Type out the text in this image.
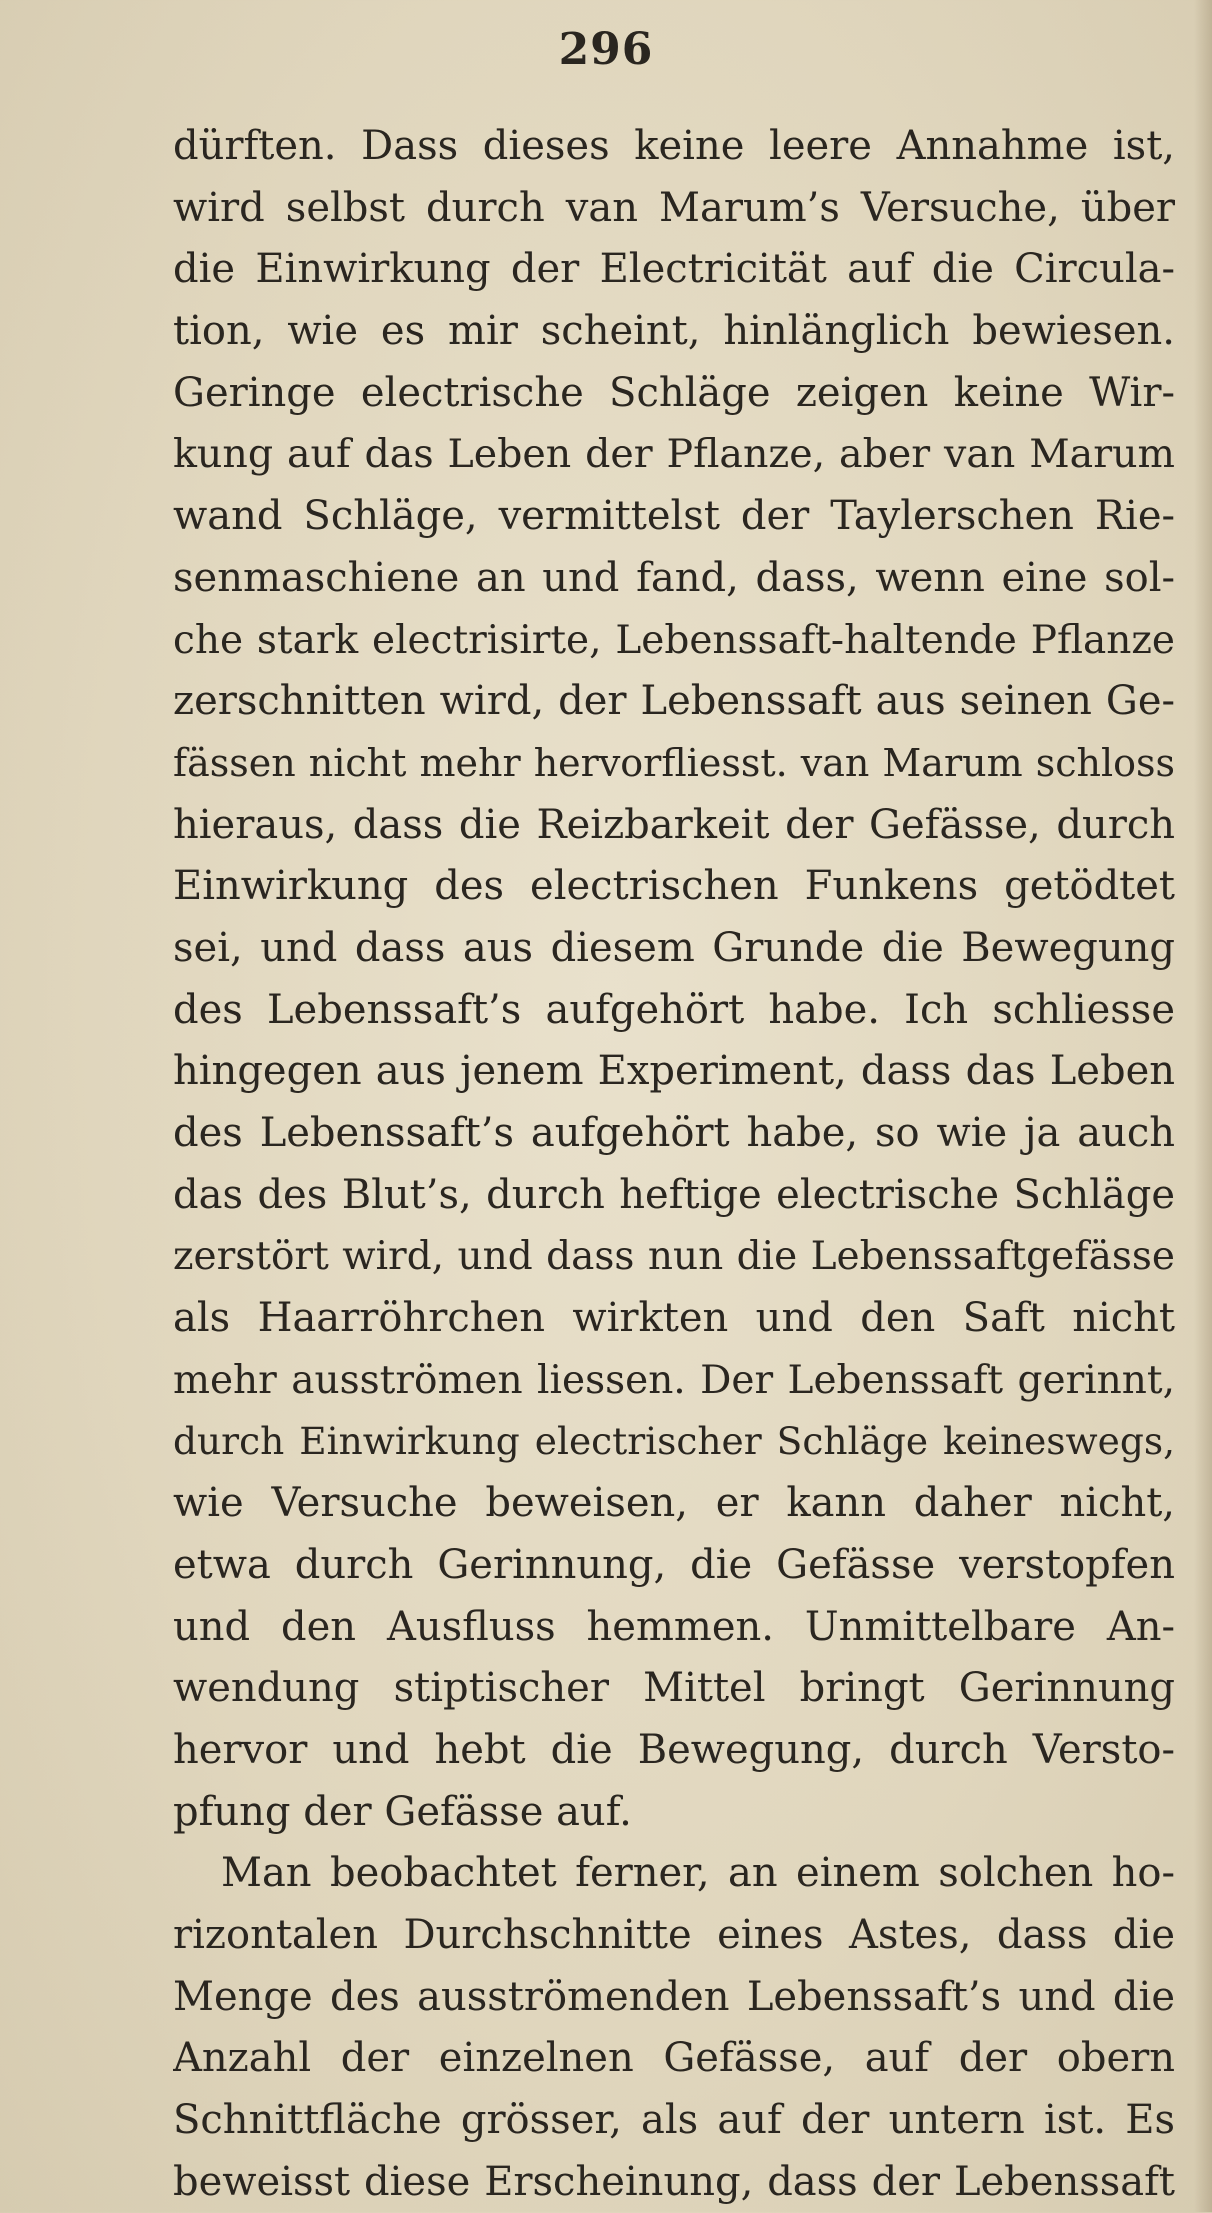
296
dürften. Dass dieses keine leere Annahme ist,
wird selbst durch van Marum’s Versuche, über
die Einwirkung der Electricität auf die Circula-
tion, wie es mir scheint, hinlänglich bewiesen.
Geringe electrische Schläge zeigen keine Wir-
kung auf das Leben der Pflanze, aber van Marum
wand Schläge, vermittelst der Taylerschen Rie-
senmaschiene an und fand, dass, wenn eine sol-
che stark electrisirte, Lebenssaft-haltende Pflanze
zerschnitten wird, der Lebenssaft aus seinen Ge-
fässen nicht mehr hervorfliesst. van Marum schloss
hieraus, dass die Reizbarkeit der Gefässe, durch
Einwirkung des electrischen Funkens getödtet
sei, und dass aus diesem Grunde die Bewegung
des Lebenssaft’s aufgehört habe. Ich schliesse
hingegen aus jenem Experiment, dass das Leben
des Lebenssaft’s aufgehört habe, so wie ja auch
das des Blut’s, durch heftige electrische Schläge
zerstört wird, und dass nun die Lebenssaftgefässe
als Haarröhrchen wirkten und den Saft nicht
mehr ausströmen liessen. Der Lebenssaft gerinnt,
durch Einwirkung electrischer Schläge keineswegs,
wie Versuche beweisen, er kann daher nicht,
etwa durch Gerinnung, die Gefässe verstopfen
und den Ausfluss hemmen. Unmittelbare An-
wendung stiptischer Mittel bringt Gerinnung
hervor und hebt die Bewegung, durch Versto-
pfung der Gefässe auf.
Man beobachtet ferner, an einem solchen ho-
rizontalen Durchschnitte eines Astes, dass die
Menge des ausströmenden Lebenssaft’s und die
Anzahl der einzelnen Gefässe, auf der obern
Schnittfläche grösser, als auf der untern ist. Es
beweisst diese Erscheinung, dass der Lebenssaft
